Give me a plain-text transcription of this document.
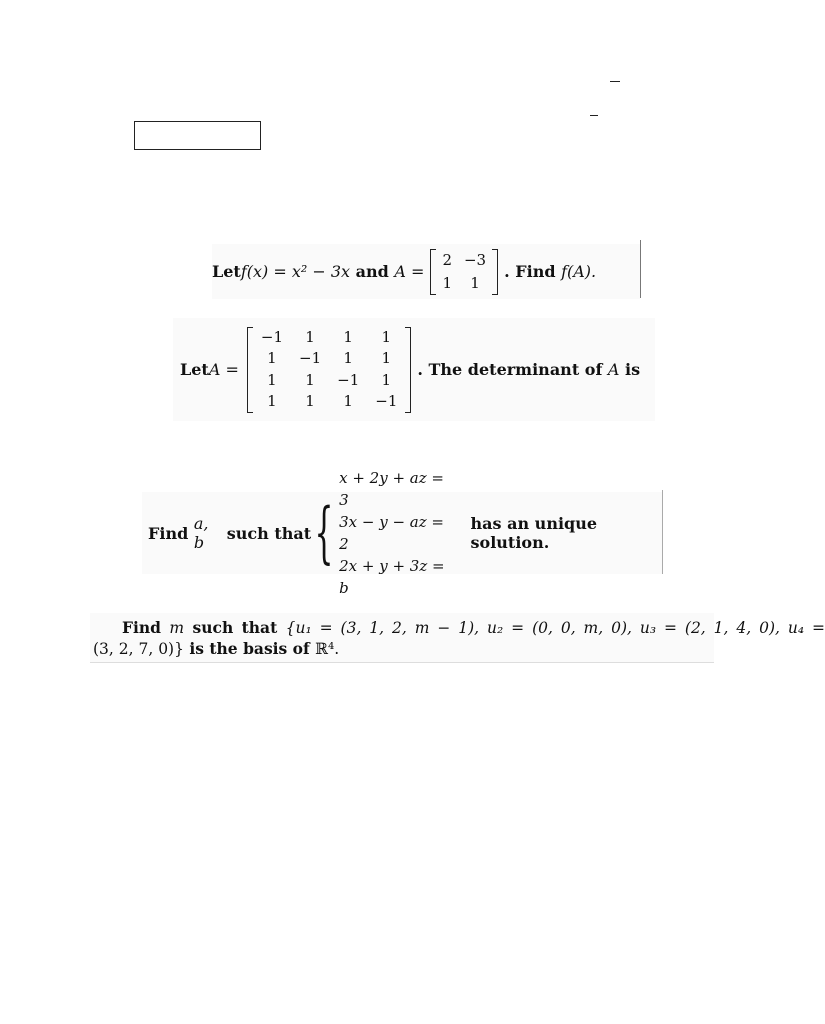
Let f(x) = x² − 3x and A =
2	−3
1	1
. Find f(A).
Let A =
−1	1	1	1
1	−1	1	1
1	1	−1	1
1	1	1	−1
. The determinant of A is
Find a, b	such that {
x + 2y + az = 3
3x − y − az = 2
2x + y + 3z = b
has an unique solution.
Find m such that {u₁ = (3, 1, 2, m − 1), u₂ = (0, 0, m, 0), u₃ = (2, 1, 4, 0), u₄ =
(3, 2, 7, 0)} is the basis of ℝ⁴.
